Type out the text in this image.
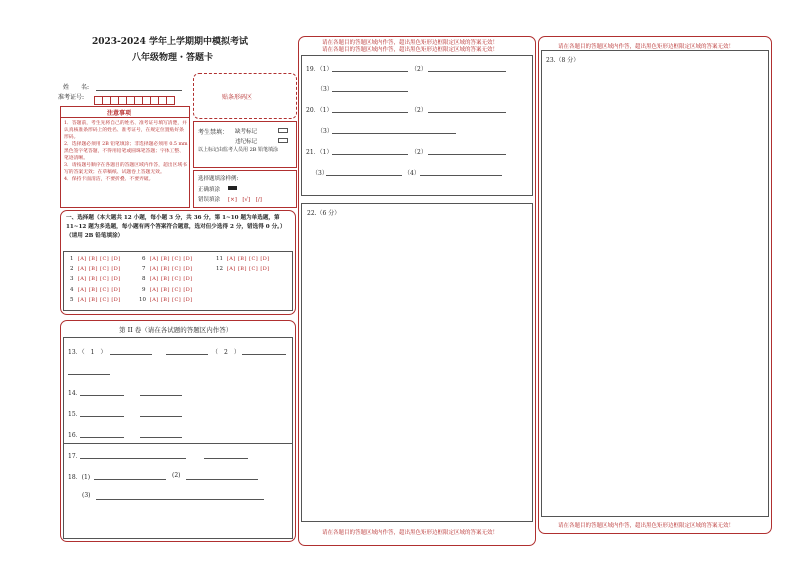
2023-2024 学年上学期期中模拟考试
八年级物理・答题卡
姓　　名:
准考证号:	贴条形码区
注意事项
1．答题前，考生先将自己的姓名、准考证号填写清楚，并认真核准条形码上的姓名、准考证号，在规定位置贴好条形码。
2．选择题必须用 2B 铅笔填涂；非选择题必须用 0.5 mm 黑色签字笔答题，不得用铅笔或圆珠笔答题；字体工整、笔迹清晰。
3．请按题号顺序在各题目的答题区域内作答，超出区域书写的答案无效；在草稿纸、试题卷上答题无效。
4．保持卡面清洁，不要折叠、不要弄破。
考生禁填： 缺考标记
违纪标记
以上标记由监考人员用 2B 铅笔填涂
选择题填涂样例:
正确填涂
错误填涂 [×]　[√]　[/]
一、选择题（本大题共 12 小题，每小题 3 分，共 36 分，第 1~10 题为单选题，第 11~12 题为多选题，每小题有两个答案符合题意，选对但少选得 2 分，错选得 0 分。）（请用 2B 铅笔填涂）
1 [A] [B] [C] [D]
2 [A] [B] [C] [D]
3 [A] [B] [C] [D]
4 [A] [B] [C] [D]
5 [A] [B] [C] [D]
6 [A] [B] [C] [D]
7 [A] [B] [C] [D]
8 [A] [B] [C] [D]
9 [A] [B] [C] [D]
10 [A] [B] [C] [D]
11 [A] [B] [C] [D]
12 [A] [B] [C] [D]
第 II 卷（请在各试题的答题区内作答）
13．（　1　）	（　2　）
14．
15．
16．
17．
18．(1)	(2)
(3)
请在各题目的答题区域内作答，超出黑色矩形边框限定区域的答案无效！
请在各题目的答题区域内作答，超出黑色矩形边框限定区域的答案无效！
19．（1）	（2）
（3）
20．（1）	（2）
（3）
21．（1）	（2）
（3）	（4）
22.（6 分）
请在各题目的答题区域内作答，超出黑色矩形边框限定区域的答案无效！
请在各题目的答题区域内作答，超出黑色矩形边框限定区域的答案无效！
23.（8 分）
请在各题目的答题区域内作答，超出黑色矩形边框限定区域的答案无效！
